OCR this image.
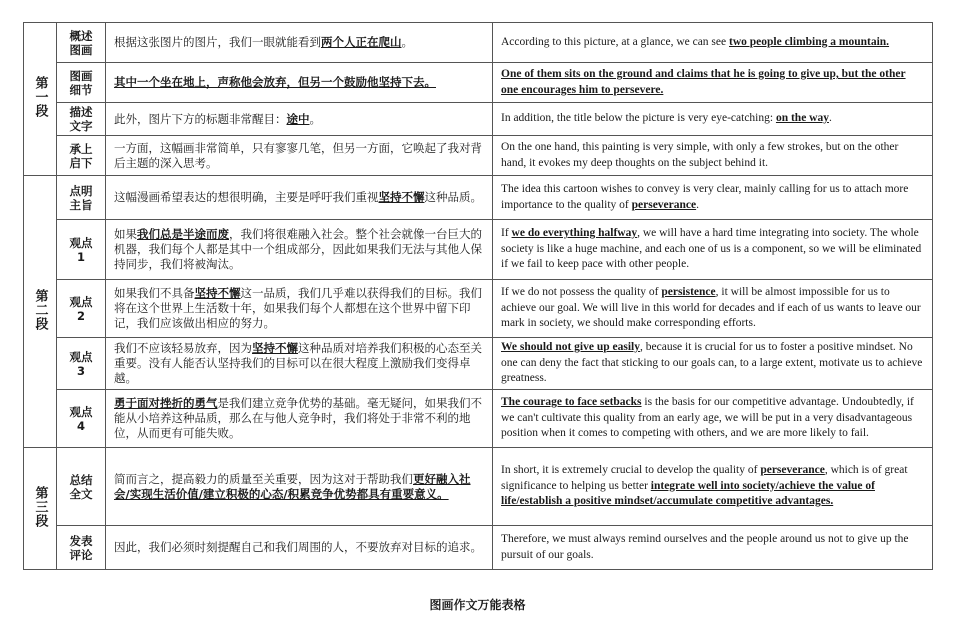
第一段	概述图画	根据这张图片的图片，我们一眼就能看到两个人正在爬山。	According to this picture, at a glance, we can see two people climbing a mountain.

	图画细节	其中一个坐在地上，声称他会放弃，但另一个鼓励他坚持下去。	One of them sits on the ground and claims that he is going to give up, but the other one encourages him to persevere.

	描述文字	此外，图片下方的标题非常醒目：途中。	In addition, the title below the picture is very eye-catching: on the way.

	承上启下	一方面，这幅画非常简单，只有寥寥几笔，但另一方面，它唤起了我对背后主题的深入思考。	On the one hand, this painting is very simple, with only a few strokes, but on the other hand, it evokes my deep thoughts on the subject behind it.
第二段	点明主旨	这幅漫画希望表达的想很明确，主要是呼吁我们重视坚持不懈这种品质。	The idea this cartoon wishes to convey is very clear, mainly calling for us to attach more importance to the quality of perseverance.

	观点1	如果我们总是半途而废，我们将很难融入社会。整个社会就像一台巨大的机器，我们每个人都是其中一个组成部分，因此如果我们无法与其他人保持同步，我们将被淘汰。	If we do everything halfway, we will have a hard time integrating into society. The whole society is like a huge machine, and each one of us is a component, so we will be eliminated if we fail to keep pace with other people.

	观点2	如果我们不具备坚持不懈这一品质，我们几乎难以获得我们的目标。我们将在这个世界上生活数十年，如果我们每个人都想在这个世界中留下印记，我们应该做出相应的努力。	If we do not possess the quality of persistence, it will be almost impossible for us to achieve our goal. We will live in this world for decades and if each of us wants to leave our mark in society, we should make corresponding efforts.

	观点3	我们不应该轻易放弃，因为坚持不懈这种品质对培养我们积极的心态至关重要。没有人能否认坚持我们的目标可以在很大程度上激励我们变得卓越。	We should not give up easily, because it is crucial for us to foster a positive mindset. No one can deny the fact that sticking to our goals can, to a large extent, motivate us to achieve greatness.

	观点4	勇于面对挫折的勇气是我们建立竞争优势的基础。毫无疑问，如果我们不能从小培养这种品质，那么在与他人竞争时，我们将处于非常不利的地位，从而更有可能失败。	The courage to face setbacks is the basis for our competitive advantage. Undoubtedly, if we can't cultivate this quality from an early age, we will be put in a very disadvantageous position when it comes to competing with others, and we are more likely to fail.
第三段	总结全文	简而言之，提高毅力的质量至关重要，因为这对于帮助我们更好融入社会/实现生活价值/建立积极的心态/积累竞争优势都具有重要意义。	In short, it is extremely crucial to develop the quality of perseverance, which is of great significance to helping us better integrate well into society/achieve the value of life/establish a positive mindset/accumulate competitive advantages.

	发表评论	因此，我们必须时刻提醒自己和我们周围的人，不要放弃对目标的追求。	Therefore, we must always remind ourselves and the people around us not to give up the pursuit of our goals.
图画作文万能表格
